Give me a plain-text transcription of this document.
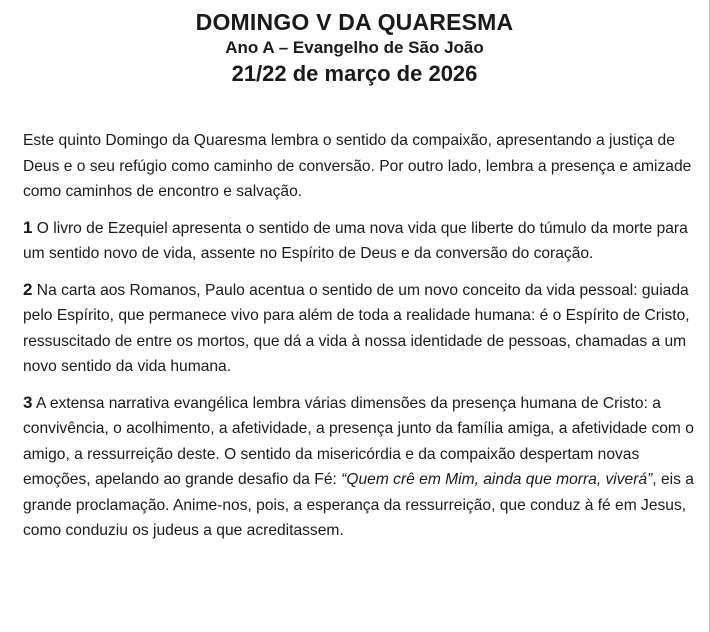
DOMINGO V DA QUARESMA

Ano A – Evangelho de São João

21/22 de março de 2026

Este quinto Domingo da Quaresma lembra o sentido da compaixão, apresentando a justiça de Deus e o seu refúgio como caminho de conversão. Por outro lado, lembra a presença e amizade como caminhos de encontro e salvação.

1 O livro de Ezequiel apresenta o sentido de uma nova vida que liberte do túmulo da morte para um sentido novo de vida, assente no Espírito de Deus e da conversão do coração.

2 Na carta aos Romanos, Paulo acentua o sentido de um novo conceito da vida pessoal: guiada pelo Espírito, que permanece vivo para além de toda a realidade humana: é o Espírito de Cristo, ressuscitado de entre os mortos, que dá a vida à nossa identidade de pessoas, chamadas a um novo sentido da vida humana.

3 A extensa narrativa evangélica lembra várias dimensões da presença humana de Cristo: a convivência, o acolhimento, a afetividade, a presença junto da família amiga, a afetividade com o amigo, a ressurreição deste. O sentido da misericórdia e da compaixão despertam novas emoções, apelando ao grande desafio da Fé: “Quem crê em Mim, ainda que morra, viverá”, eis a grande proclamação. Anime-nos, pois, a esperança da ressurreição, que conduz à fé em Jesus, como conduziu os judeus a que acreditassem.
